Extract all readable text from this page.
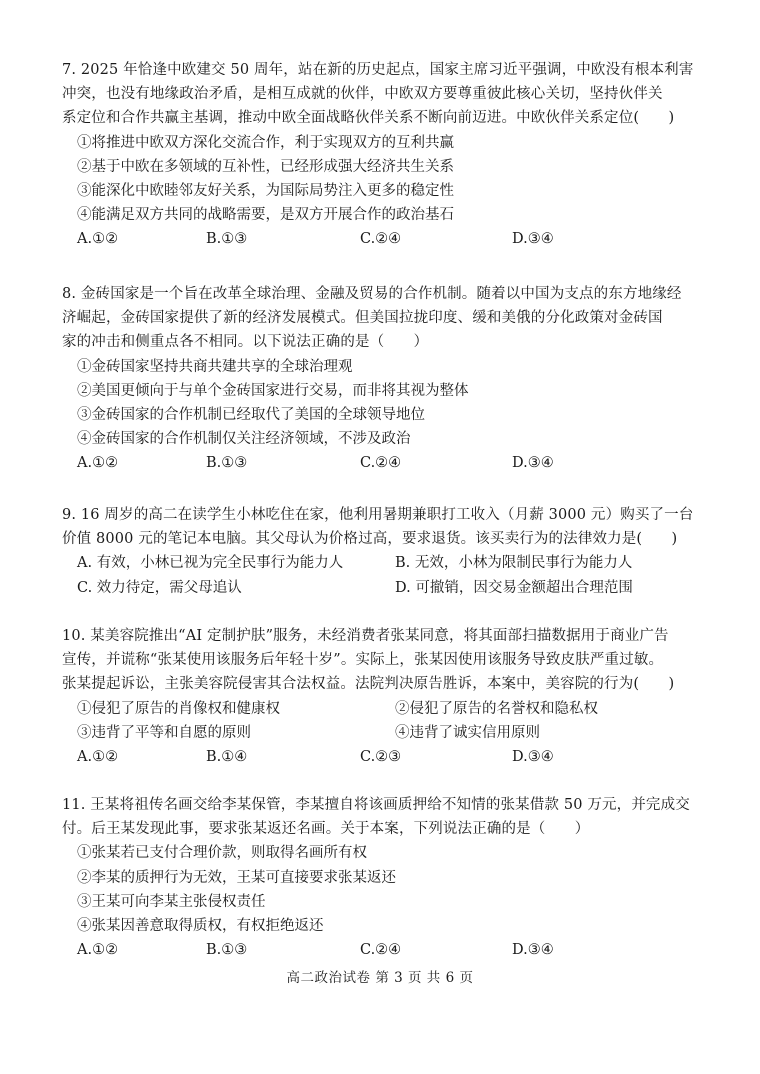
7. 2025 年恰逢中欧建交 50 周年，站在新的历史起点，国家主席习近平强调，中欧没有根本利害
冲突，也没有地缘政治矛盾，是相互成就的伙伴，中欧双方要尊重彼此核心关切，坚持伙伴关
系定位和合作共赢主基调，推动中欧全面战略伙伴关系不断向前迈进。中欧伙伴关系定位(　　)
①将推进中欧双方深化交流合作，利于实现双方的互利共赢
②基于中欧在多领域的互补性，已经形成强大经济共生关系
③能深化中欧睦邻友好关系，为国际局势注入更多的稳定性
④能满足双方共同的战略需要，是双方开展合作的政治基石
A.①②	B.①③	C.②④	D.③④
8. 金砖国家是一个旨在改革全球治理、金融及贸易的合作机制。随着以中国为支点的东方地缘经
济崛起，金砖国家提供了新的经济发展模式。但美国拉拢印度、缓和美俄的分化政策对金砖国
家的冲击和侧重点各不相同。以下说法正确的是（　　）
①金砖国家坚持共商共建共享的全球治理观
②美国更倾向于与单个金砖国家进行交易，而非将其视为整体
③金砖国家的合作机制已经取代了美国的全球领导地位
④金砖国家的合作机制仅关注经济领域，不涉及政治
A.①②	B.①③	C.②④	D.③④
9. 16 周岁的高二在读学生小林吃住在家，他利用暑期兼职打工收入（月薪 3000 元）购买了一台
价值 8000 元的笔记本电脑。其父母认为价格过高，要求退货。该买卖行为的法律效力是(　　)
A. 有效，小林已视为完全民事行为能力人	B. 无效，小林为限制民事行为能力人
C. 效力待定，需父母追认	D. 可撤销，因交易金额超出合理范围
10. 某美容院推出“AI 定制护肤”服务，未经消费者张某同意，将其面部扫描数据用于商业广告
宣传，并谎称“张某使用该服务后年轻十岁”。实际上，张某因使用该服务导致皮肤严重过敏。
张某提起诉讼，主张美容院侵害其合法权益。法院判决原告胜诉，本案中，美容院的行为(　　)
①侵犯了原告的肖像权和健康权	②侵犯了原告的名誉权和隐私权
③违背了平等和自愿的原则	④违背了诚实信用原则
A.①②	B.①④	C.②③	D.③④
11. 王某将祖传名画交给李某保管，李某擅自将该画质押给不知情的张某借款 50 万元，并完成交
付。后王某发现此事，要求张某返还名画。关于本案，下列说法正确的是（　　）
①张某若已支付合理价款，则取得名画所有权
②李某的质押行为无效，王某可直接要求张某返还
③王某可向李某主张侵权责任
④张某因善意取得质权，有权拒绝返还
A.①②	B.①③	C.②④	D.③④
高二政治试卷 第 3 页 共 6 页
